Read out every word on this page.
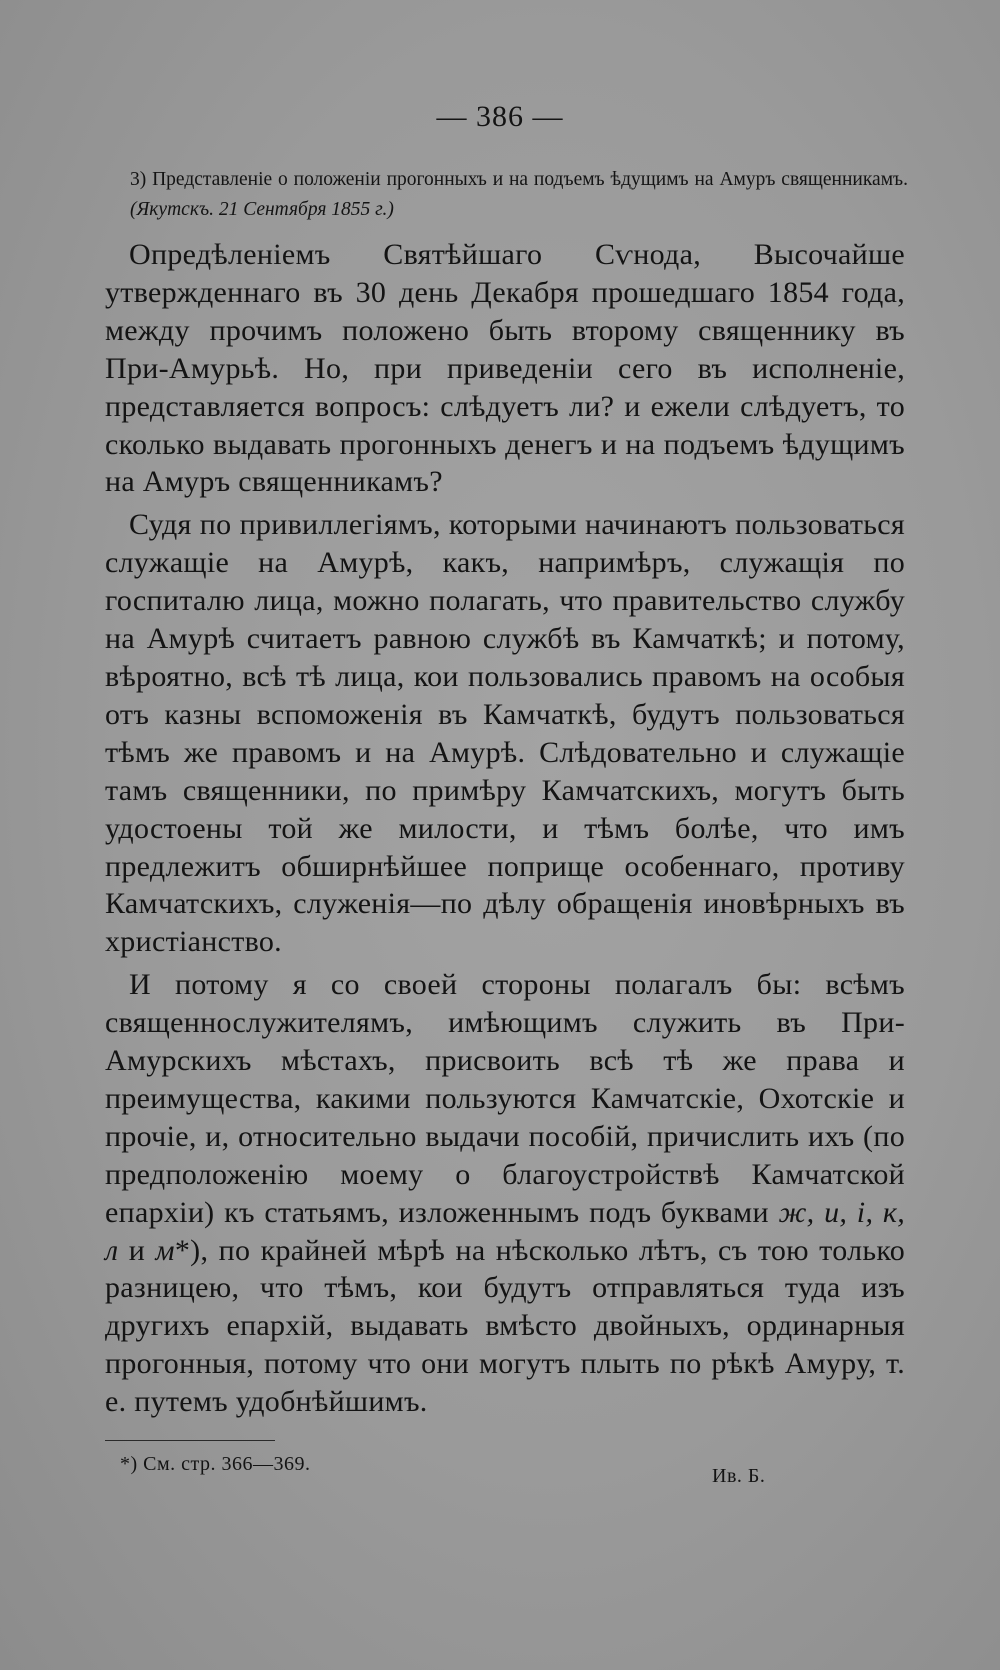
— 386 —
3) Представленіе о положеніи прогонныхъ и на подъемъ ѣдущимъ на Амуръ священникамъ. (Якутскъ. 21 Сентября 1855 г.)

Опредѣленіемъ Святѣйшаго Сѵнода, Высочайше утвержденнаго въ 30 день Декабря прошедшаго 1854 года, между прочимъ положено быть второму священнику въ При-Амурьѣ. Но, при приведеніи сего въ исполненіе, представляется вопросъ: слѣдуетъ ли? и ежели слѣдуетъ, то сколько выдавать прогонныхъ денегъ и на подъемъ ѣдущимъ на Амуръ священникамъ?

Судя по привиллегіямъ, которыми начинаютъ пользоваться служащіе на Амурѣ, какъ, напримѣръ, служащія по госпиталю лица, можно полагать, что правительство службу на Амурѣ считаетъ равною службѣ въ Камчаткѣ; и потому, вѣроятно, всѣ тѣ лица, кои пользовались правомъ на особыя отъ казны вспоможенія въ Камчаткѣ, будутъ пользоваться тѣмъ же правомъ и на Амурѣ. Слѣдовательно и служащіе тамъ священники, по примѣру Камчатскихъ, могутъ быть удостоены той же милости, и тѣмъ болѣе, что имъ предлежитъ обширнѣйшее поприще особеннаго, противу Камчатскихъ, служенія—по дѣлу обращенія иновѣрныхъ въ христіанство.

И потому я со своей стороны полагалъ бы: всѣмъ священнослужителямъ, имѣющимъ служить въ При-Амурскихъ мѣстахъ, присвоить всѣ тѣ же права и преимущества, какими пользуются Камчатскіе, Охотскіе и прочіе, и, относительно выдачи пособій, причислить ихъ (по предположенію моему о благоустройствѣ Камчатской епархіи) къ статьямъ, изложеннымъ подъ буквами ж, и, і, к, л и м*), по крайней мѣрѣ на нѣсколько лѣтъ, съ тою только разницею, что тѣмъ, кои будутъ отправляться туда изъ другихъ епархій, выдавать вмѣсто двойныхъ, ординарныя прогонныя, потому что они могутъ плыть по рѣкѣ Амуру, т. е. путемъ удобнѣйшимъ.

*) См. стр. 366—369.
Ив. Б.
